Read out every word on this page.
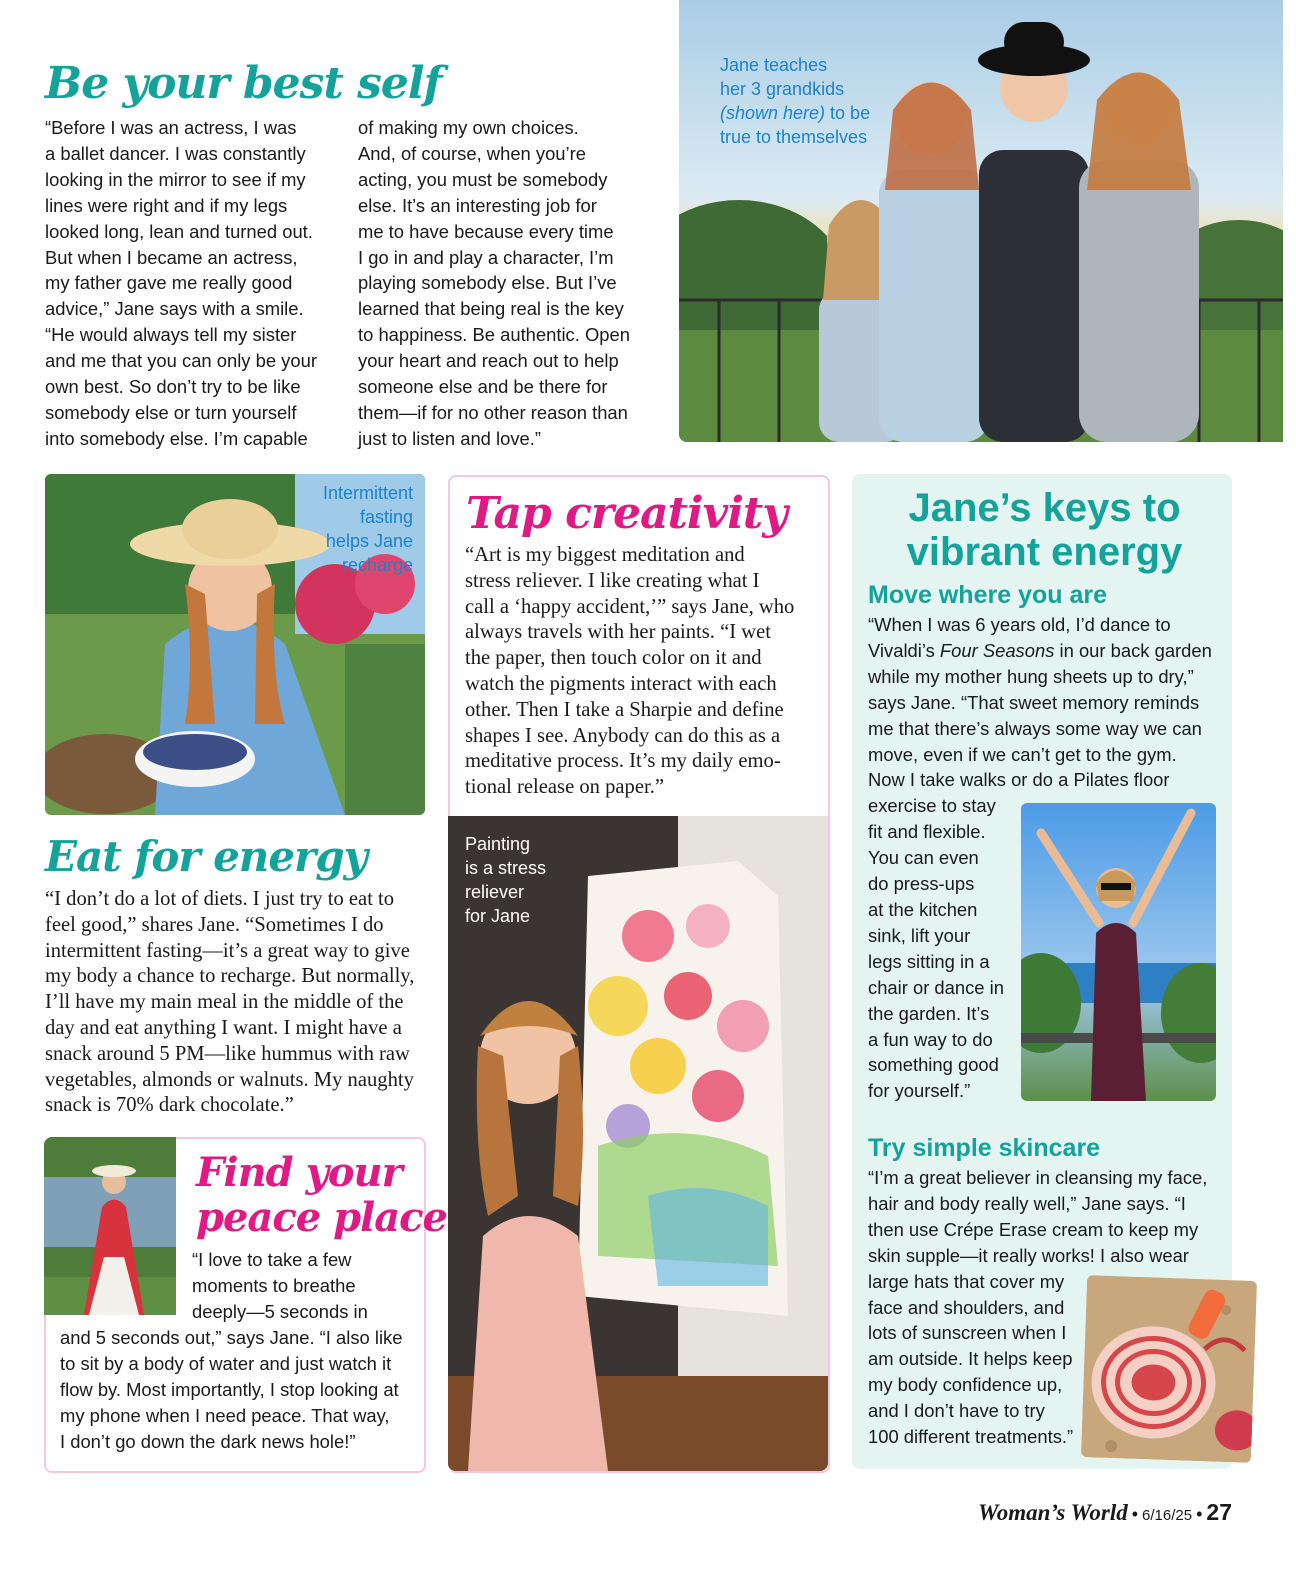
Be your best self
“Before I was an actress, I was
a ballet dancer. I was constantly
looking in the mirror to see if my
lines were right and if my legs
looked long, lean and turned out.
But when I became an actress,
my father gave me really good
advice,” Jane says with a smile.
“He would always tell my sister
and me that you can only be your
own best. So don’t try to be like
somebody else or turn yourself
into somebody else. I’m capable
of making my own choices.
And, of course, when you’re
acting, you must be somebody
else. It’s an interesting job for
me to have because every time
I go in and play a character, I’m
playing somebody else. But I’ve
learned that being real is the key
to happiness. Be authentic. Open
your heart and reach out to help
someone else and be there for
them—if for no other reason than
just to listen and love.”
Jane teaches
her 3 grandkids
(shown here) to be
true to themselves
Intermittent
fasting
helps Jane
recharge
Eat for energy
“I don’t do a lot of diets. I just try to eat to
feel good,” shares Jane. “Sometimes I do
intermittent fasting—it’s a great way to give
my body a chance to recharge. But normally,
I’ll have my main meal in the middle of the
day and eat anything I want. I might have a
snack around 5 PM—like hummus with raw
vegetables, almonds or walnuts. My naughty
snack is 70% dark chocolate.”
Find your
peace place
“I love to take a few
moments to breathe
deeply—5 seconds in
and 5 seconds out,” says Jane. “I also like
to sit by a body of water and just watch it
flow by. Most importantly, I stop looking at
my phone when I need peace. That way,
I don’t go down the dark news hole!”
Tap creativity
“Art is my biggest meditation and
stress reliever. I like creating what I
call a ‘happy accident,’” says Jane, who
always travels with her paints. “I wet
the paper, then touch color on it and
watch the pigments interact with each
other. Then I take a Sharpie and define
shapes I see. Anybody can do this as a
meditative process. It’s my daily emo-
tional release on paper.”
Painting
is a stress
reliever
for Jane
Jane’s keys to
vibrant energy
Move where you are
“When I was 6 years old, I’d dance to
Vivaldi’s Four Seasons in our back garden
while my mother hung sheets up to dry,”
says Jane. “That sweet memory reminds
me that there’s always some way we can
move, even if we can’t get to the gym.
Now I take walks or do a Pilates floor
exercise to stay
fit and flexible.
You can even
do press-ups
at the kitchen
sink, lift your
legs sitting in a
chair or dance in
the garden. It’s
a fun way to do
something good
for yourself.”
Try simple skincare
“I’m a great believer in cleansing my face,
hair and body really well,” Jane says. “I
then use Crépe Erase cream to keep my
skin supple—it really works! I also wear
large hats that cover my
face and shoulders, and
lots of sunscreen when I
am outside. It helps keep
my body confidence up,
and I don’t have to try
100 different treatments.”
Woman’s World • 6/16/25 • 27
